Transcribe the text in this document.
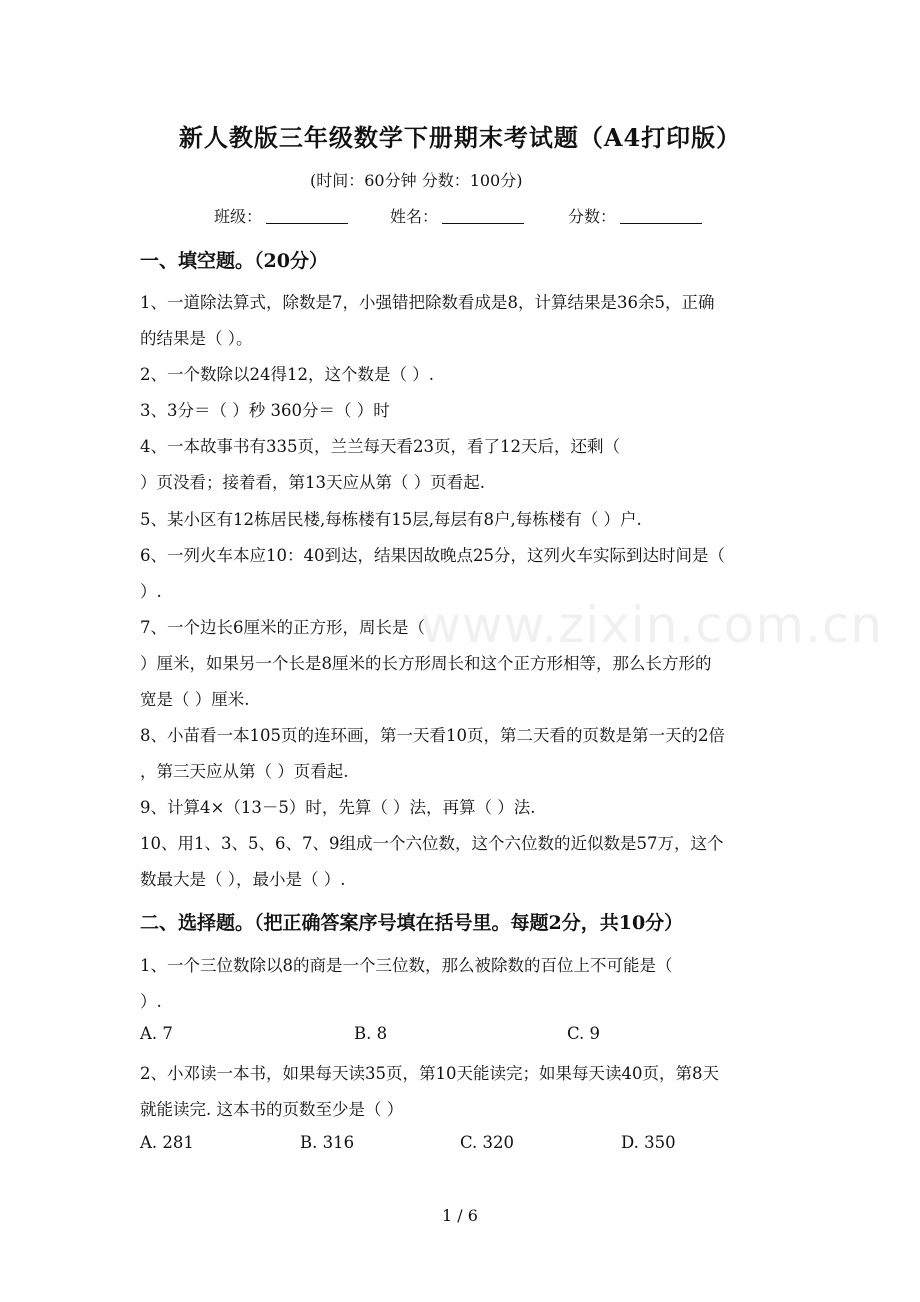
新人教版三年级数学下册期末考试题（A4打印版）
(时间：60分钟 分数：100分)
班级：	姓名：	分数：
一、填空题。（20分）
1、一道除法算式，除数是7，小强错把除数看成是8，计算结果是36余5，正确
的结果是（ ）。
2、一个数除以24得12，这个数是（ ）.
3、3分＝（ ）秒 360分＝（ ）时
4、一本故事书有335页，兰兰每天看23页，看了12天后，还剩（
）页没看；接着看，第13天应从第（ ）页看起.
5、某小区有12栋居民楼,每栋楼有15层,每层有8户,每栋楼有（ ）户.
6、一列火车本应10：40到达，结果因故晚点25分，这列火车实际到达时间是（
）.
7、一个边长6厘米的正方形，周长是（
）厘米，如果另一个长是8厘米的长方形周长和这个正方形相等，那么长方形的
宽是（ ）厘米.
8、小苗看一本105页的连环画，第一天看10页，第二天看的页数是第一天的2倍
，第三天应从第（ ）页看起.
9、计算4×（13－5）时，先算（ ）法，再算（ ）法.
10、用1、3、5、6、7、9组成一个六位数，这个六位数的近似数是57万，这个
数最大是（ ），最小是（ ）.
二、选择题。（把正确答案序号填在括号里。每题2分，共10分）
1、一个三位数除以8的商是一个三位数，那么被除数的百位上不可能是（
）.
A. 7	B. 8	C. 9
2、小邓读一本书，如果每天读35页，第10天能读完；如果每天读40页，第8天
就能读完. 这本书的页数至少是（ ）
A. 281	B. 316	C. 320	D. 350
www.zixin.com.cn
1 / 6
